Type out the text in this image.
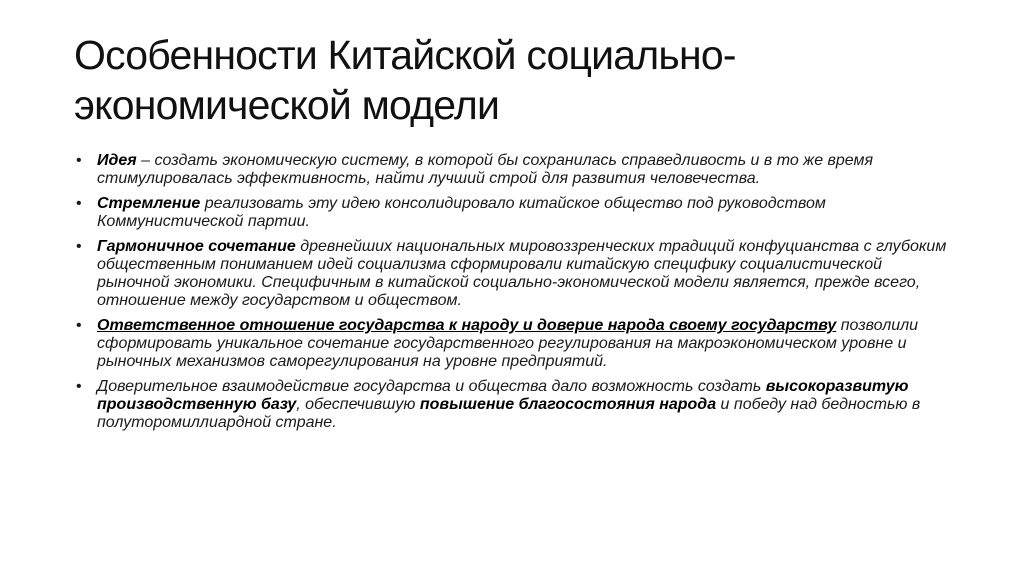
Особенности Китайской социально-экономической модели
• Идея – создать экономическую систему, в которой бы сохранилась справедливость и в то же время стимулировалась эффективность, найти лучший строй для развития человечества.
• Стремление реализовать эту идею консолидировало китайское общество под руководством Коммунистической партии.
• Гармоничное сочетание древнейших национальных мировоззренческих традиций конфуцианства с глубоким общественным пониманием идей социализма сформировали китайскую специфику социалистической рыночной экономики. Специфичным в китайской социально-экономической модели является, прежде всего, отношение между государством и обществом.
• Ответственное отношение государства к народу и доверие народа своему государству позволили сформировать уникальное сочетание государственного регулирования на макроэкономическом уровне и рыночных механизмов саморегулирования на уровне предприятий.
• Доверительное взаимодействие государства и общества дало возможность создать высокоразвитую производственную базу, обеспечившую повышение благосостояния народа и победу над бедностью в полуторомиллиардной стране.
